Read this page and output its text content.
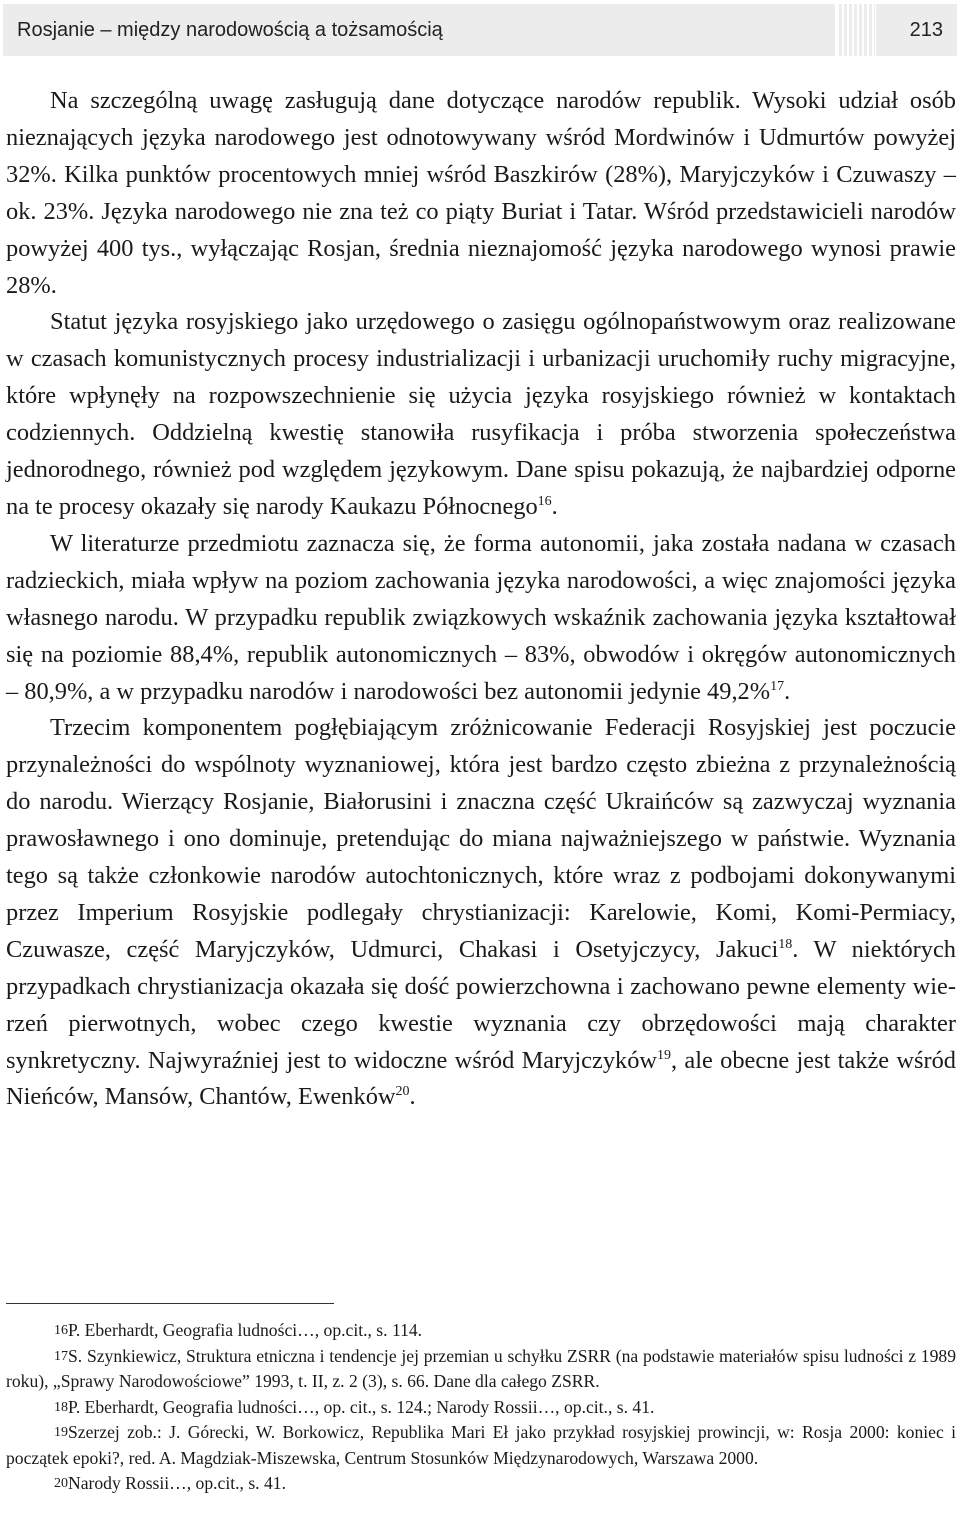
Rosjanie – między narodowością a tożsamością	213

Na szczególną uwagę zasługują dane dotyczące narodów republik. Wysoki udział osób nieznających języka narodowego jest odnotowywany wśród Mordwinów i Udmurtów powyżej 32%. Kilka punktów procentowych mniej wśród Baszkirów (28%), Maryjczyków i Czuwaszy – ok. 23%. Języka narodowego nie zna też co piąty Buriat i Tatar. Wśród przedstawicieli narodów powyżej 400 tys., wyłączając Rosjan, średnia nieznajomość języka narodowego wynosi prawie 28%.

Statut języka rosyjskiego jako urzędowego o zasięgu ogólnopaństwowym oraz realizowane w czasach komunistycznych procesy industrializacji i urbanizacji uruchomiły ruchy migracyjne, które wpłynęły na rozpowszechnienie się użycia języka rosyjskiego również w kontaktach codziennych. Oddzielną kwestię stanowiła rusyfikacja i próba stworzenia społeczeństwa jednorodnego, również pod względem językowym. Dane spisu pokazują, że najbardziej odporne na te procesy okazały się narody Kaukazu Północnego$^{16}$.

W literaturze przedmiotu zaznacza się, że forma autonomii, jaka została nadana w czasach radzieckich, miała wpływ na poziom zachowania języka narodowości, a więc znajomości języka własnego narodu. W przypadku republik związkowych wskaźnik zachowania języka kształtował się na poziomie 88,4%, republik autonomicznych – 83%, obwodów i okręgów autonomicznych – 80,9%, a w przypadku narodów i narodowości bez autonomii jedynie 49,2%$^{17}$.

Trzecim komponentem pogłębiającym zróżnicowanie Federacji Rosyjskiej jest poczucie przynależności do wspólnoty wyznaniowej, która jest bardzo często zbieżna z przynależnością do narodu. Wierzący Rosjanie, Białorusini i znaczna część Ukraińców są zazwyczaj wyznania prawosławnego i ono dominuje, pretendując do miana najważniejszego w państwie. Wyznania tego są także członkowie narodów autochtonicznych, które wraz z podbojami dokonywanymi przez Imperium Rosyjskie podlegały chrystianizacji: Karelowie, Komi, Komi-Permiacy, Czuwasze, część Maryjczyków, Udmurci, Chakasi i Osetyjczycy, Jakuci$^{18}$. W niektórych przypadkach chrystianizacja okazała się dość powierzchowna i zachowano pewne elementy wierzeń pierwotnych, wobec czego kwestie wyznania czy obrzędowości mają charakter synkretyczny. Najwyraźniej jest to widoczne wśród Maryjczyków$^{19}$, ale obecne jest także wśród Nieńców, Mansów, Chantów, Ewenków$^{20}$.

16P. Eberhardt, Geografia ludności…, op.cit., s. 114.

17S. Szynkiewicz, Struktura etniczna i tendencje jej przemian u schyłku ZSRR (na podstawie materiałów spisu ludności z 1989 roku), „Sprawy Narodowościowe” 1993, t. II, z. 2 (3), s. 66. Dane dla całego ZSRR.

18P. Eberhardt, Geografia ludności…, op. cit., s. 124.; Narody Rossii…, op.cit., s. 41.

19Szerzej zob.: J. Górecki, W. Borkowicz, Republika Mari Eł jako przykład rosyjskiej prowincji, w: Rosja 2000: koniec i początek epoki?, red. A. Magdziak-Miszewska, Centrum Stosunków Międzynarodowych, Warszawa 2000.

20Narody Rossii…, op.cit., s. 41.
